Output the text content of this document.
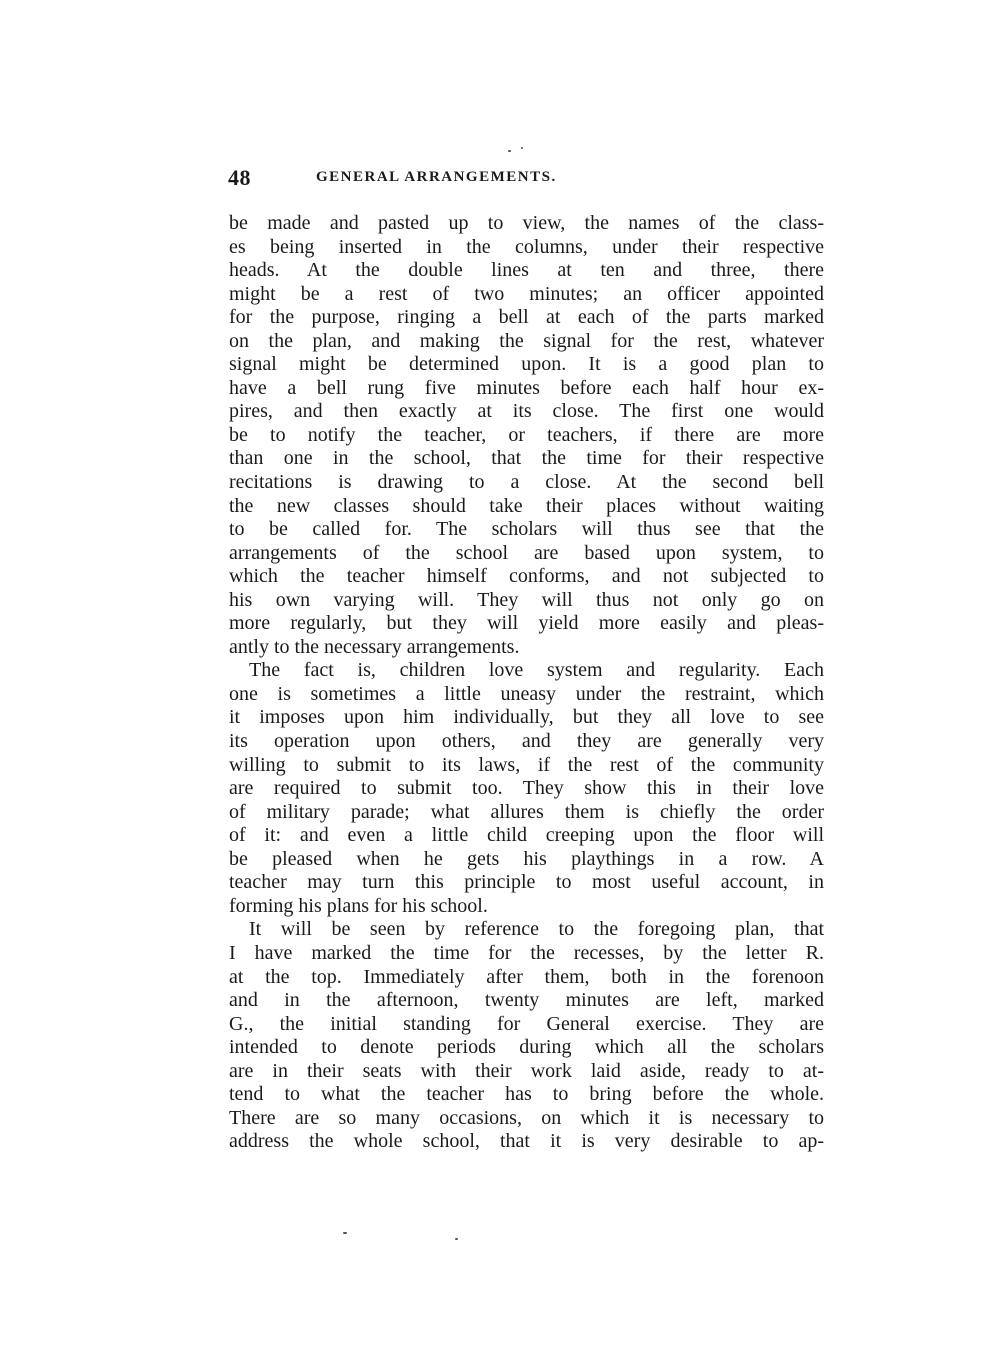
48	GENERAL ARRANGEMENTS.
be made and pasted up to view, the names of the class-
es being inserted in the columns, under their respective
heads. At the double lines at ten and three, there
might be a rest of two minutes; an officer appointed
for the purpose, ringing a bell at each of the parts marked
on the plan, and making the signal for the rest, whatever
signal might be determined upon. It is a good plan to
have a bell rung five minutes before each half hour ex-
pires, and then exactly at its close. The first one would
be to notify the teacher, or teachers, if there are more
than one in the school, that the time for their respective
recitations is drawing to a close. At the second bell
the new classes should take their places without waiting
to be called for. The scholars will thus see that the
arrangements of the school are based upon system, to
which the teacher himself conforms, and not subjected to
his own varying will. They will thus not only go on
more regularly, but they will yield more easily and pleas-
antly to the necessary arrangements.
The fact is, children love system and regularity. Each
one is sometimes a little uneasy under the restraint, which
it imposes upon him individually, but they all love to see
its operation upon others, and they are generally very
willing to submit to its laws, if the rest of the community
are required to submit too. They show this in their love
of military parade; what allures them is chiefly the order
of it: and even a little child creeping upon the floor will
be pleased when he gets his playthings in a row. A
teacher may turn this principle to most useful account, in
forming his plans for his school.
It will be seen by reference to the foregoing plan, that
I have marked the time for the recesses, by the letter R.
at the top. Immediately after them, both in the forenoon
and in the afternoon, twenty minutes are left, marked
G., the initial standing for General exercise. They are
intended to denote periods during which all the scholars
are in their seats with their work laid aside, ready to at-
tend to what the teacher has to bring before the whole.
There are so many occasions, on which it is necessary to
address the whole school, that it is very desirable to ap-
